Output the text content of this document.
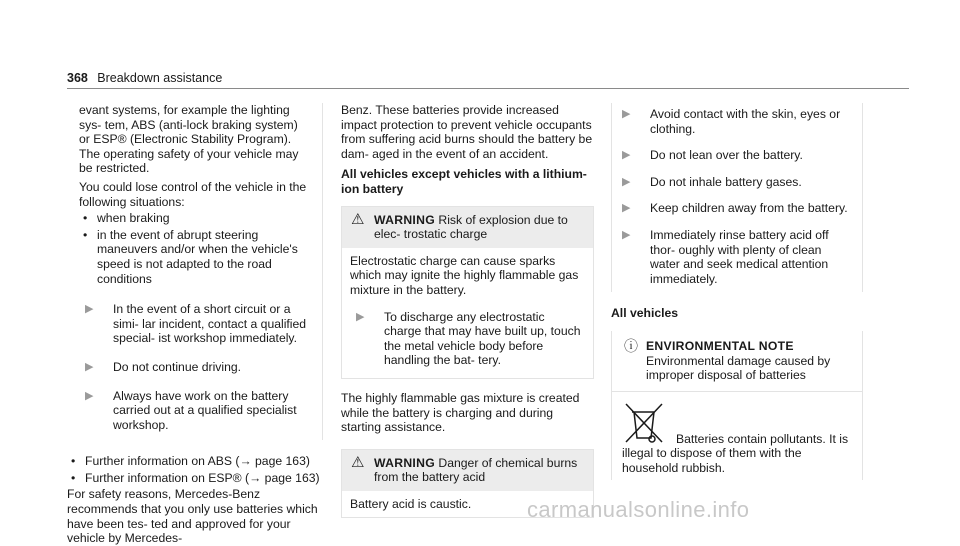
368 Breakdown assistance

evant systems, for example the lighting sys- tem, ABS (anti-lock braking system) or ESP® (Electronic Stability Program). The operating safety of your vehicle may be restricted.

You could lose control of the vehicle in the following situations:

• when braking
• in the event of abrupt steering maneuvers and/or when the vehicle's speed is not adapted to the road conditions
▶	In the event of a short circuit or a simi- lar incident, contact a qualified special- ist workshop immediately.
▶	Do not continue driving.
▶	Always have work on the battery carried out at a qualified specialist workshop.
• Further information on ABS (→ page 163)
• Further information on ESP® (→ page 163)

For safety reasons, Mercedes-Benz recommends that you only use batteries which have been tes- ted and approved for your vehicle by Mercedes-

Benz. These batteries provide increased impact protection to prevent vehicle occupants from suffering acid burns should the battery be dam- aged in the event of an accident.

All vehicles except vehicles with a lithium- ion battery

⚠ WARNING Risk of explosion due to elec- trostatic charge

Electrostatic charge can cause sparks which may ignite the highly flammable gas mixture in the battery.

▶	To discharge any electrostatic charge that may have built up, touch the metal vehicle body before handling the bat- tery.

The highly flammable gas mixture is created while the battery is charging and during starting assistance.

⚠ WARNING Danger of chemical burns from the battery acid

Battery acid is caustic.

▶	Avoid contact with the skin, eyes or clothing.
▶	Do not lean over the battery.
▶	Do not inhale battery gases.
▶	Keep children away from the battery.
▶	Immediately rinse battery acid off thor- oughly with plenty of clean water and seek medical attention immediately.

All vehicles

ⓘ ENVIRONMENTAL NOTE Environmental damage caused by improper disposal of batteries

Batteries contain pollutants. It is illegal to dispose of them with the household rubbish.

carmanualsonline.info
